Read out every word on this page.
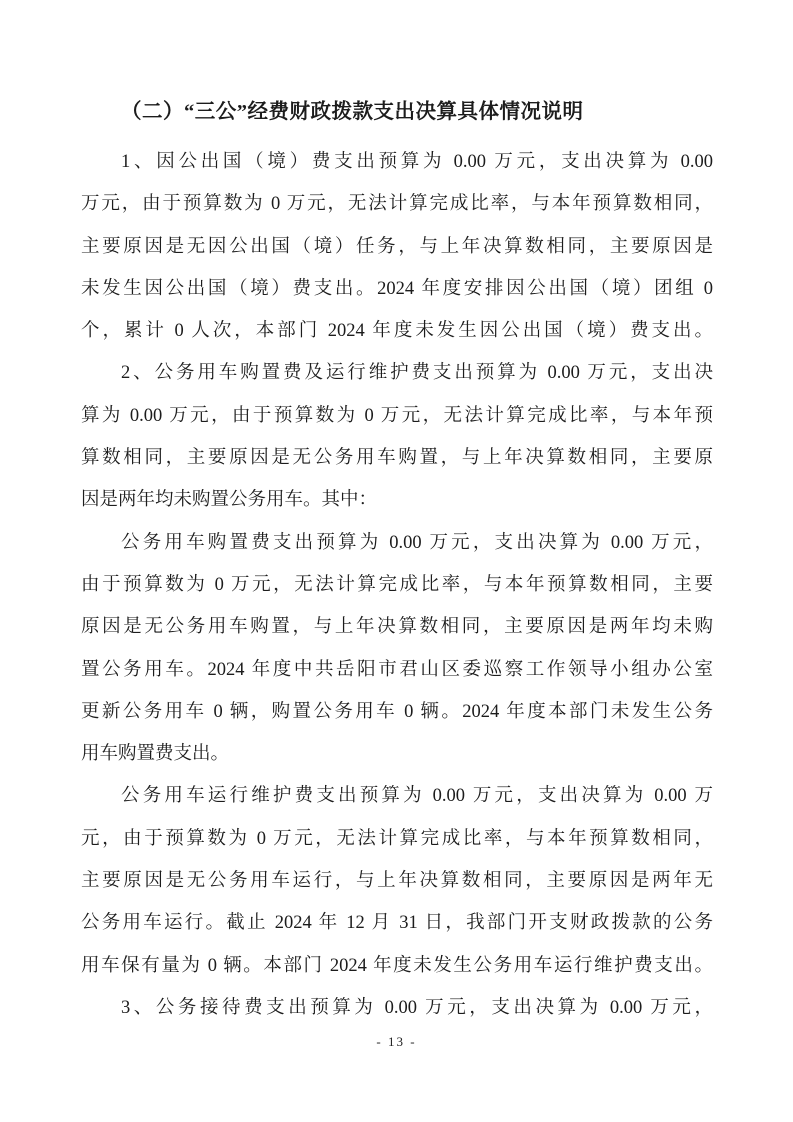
（二）“三公”经费财政拨款支出决算具体情况说明
1、因公出国（境）费支出预算为 0.00 万元，支出决算为 0.00
万元，由于预算数为 0 万元，无法计算完成比率，与本年预算数相同，
主要原因是无因公出国（境）任务，与上年决算数相同，主要原因是
未发生因公出国（境）费支出。2024 年度安排因公出国（境）团组 0
个，累计 0 人次，本部门 2024 年度未发生因公出国（境）费支出。
2、公务用车购置费及运行维护费支出预算为 0.00 万元，支出决
算为 0.00 万元，由于预算数为 0 万元，无法计算完成比率，与本年预
算数相同，主要原因是无公务用车购置，与上年决算数相同，主要原
因是两年均未购置公务用车。其中：
公务用车购置费支出预算为 0.00 万元，支出决算为 0.00 万元，
由于预算数为 0 万元，无法计算完成比率，与本年预算数相同，主要
原因是无公务用车购置，与上年决算数相同，主要原因是两年均未购
置公务用车。2024 年度中共岳阳市君山区委巡察工作领导小组办公室
更新公务用车 0 辆，购置公务用车 0 辆。2024 年度本部门未发生公务
用车购置费支出。
公务用车运行维护费支出预算为 0.00 万元，支出决算为 0.00 万
元，由于预算数为 0 万元，无法计算完成比率，与本年预算数相同，
主要原因是无公务用车运行，与上年决算数相同，主要原因是两年无
公务用车运行。截止 2024 年 12 月 31 日，我部门开支财政拨款的公务
用车保有量为 0 辆。本部门 2024 年度未发生公务用车运行维护费支出。
3、公务接待费支出预算为 0.00 万元，支出决算为 0.00 万元，
- 13 -
